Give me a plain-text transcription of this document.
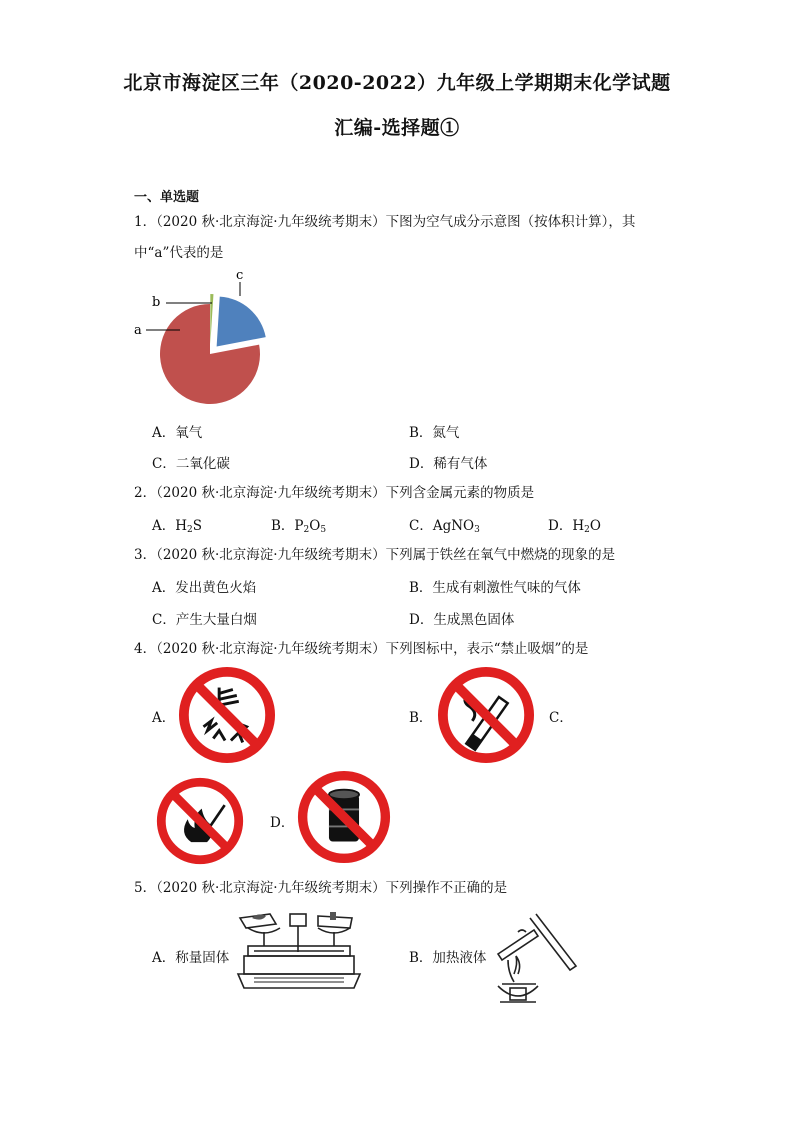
北京市海淀区三年（2020-2022）九年级上学期期末化学试题
汇编-选择题①
一、单选题
1．（2020 秋·北京海淀·九年级统考期末）下图为空气成分示意图（按体积计算），其
中“a”代表的是
a
b
c
A．氧气	B．氮气
C．二氧化碳	D．稀有气体
2．（2020 秋·北京海淀·九年级统考期末）下列含金属元素的物质是
A．$H_2S$	B．$P_2O_5$	C．AgNO$_3$	D．$H_2O$
3．（2020 秋·北京海淀·九年级统考期末）下列属于铁丝在氧气中燃烧的现象的是
A．发出黄色火焰	B．生成有刺激性气味的气体
C．产生大量白烟	D．生成黑色固体
4．（2020 秋·北京海淀·九年级统考期末）下列图标中，表示“禁止吸烟”的是
A．	B．	C．
D．
5．（2020 秋·北京海淀·九年级统考期末）下列操作不正确的是
A．称量固体	B．加热液体
